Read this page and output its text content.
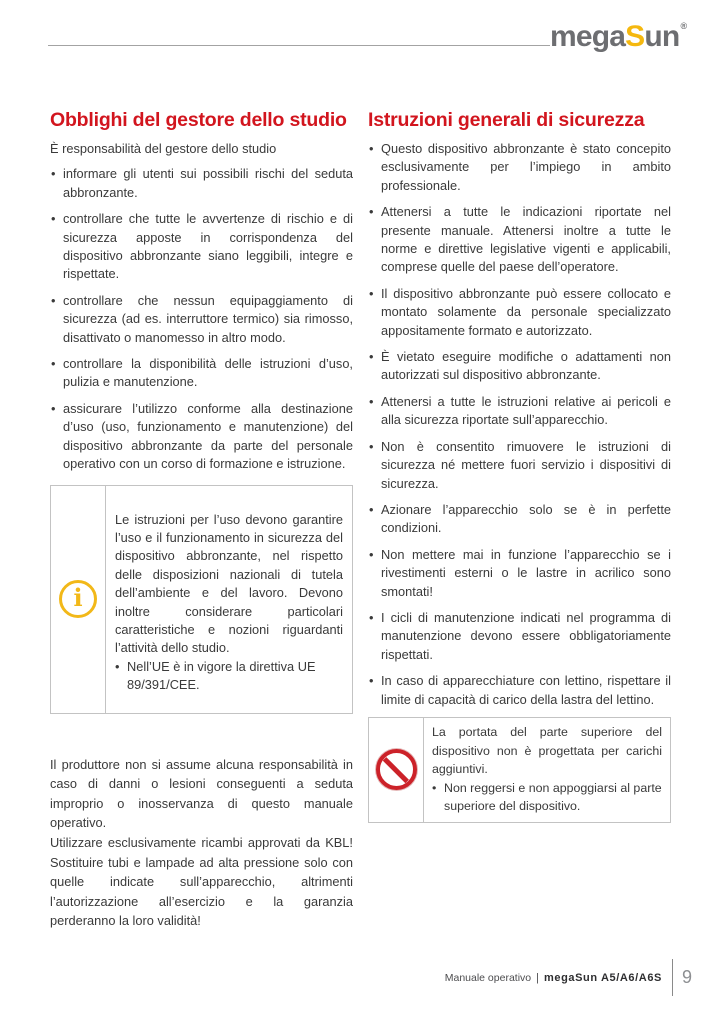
megaSun®
Obblighi del gestore dello studio

È responsabilità del gestore dello studio

• informare gli utenti sui possibili rischi del seduta abbronzante.
• controllare che tutte le avvertenze di rischio e di sicurezza apposte in corrispondenza del dispositivo abbronzante siano leggibili, integre e rispettate.
• controllare che nessun equipaggiamento di sicurezza (ad es. interruttore termico) sia rimosso, disattivato o manomesso in altro modo.
• controllare la disponibilità delle istruzioni d’uso, pulizia e manutenzione.
• assicurare l’utilizzo conforme alla destinazione d’uso (uso, funzionamento e manutenzione) del dispositivo abbronzante da parte del personale operativo con un corso di formazione e istruzione.
i

Le istruzioni per l’uso devono garantire l’uso e il funzionamento in sicurezza del dispositivo abbronzante, nel rispetto delle disposizioni nazionali di tutela dell’ambiente e del lavoro. Devono inoltre considerare particolari caratteristiche e nozioni riguardanti l’attività dello studio.

• Nell’UE è in vigore la direttiva UE 89/391/CEE.

Il produttore non si assume alcuna responsabilità in caso di danni o lesioni conseguenti a seduta improprio o inosservanza di questo manuale operativo.

Utilizzare esclusivamente ricambi approvati da KBL! Sostituire tubi e lampade ad alta pressione solo con quelle indicate sull’apparecchio, altrimenti l’autorizzazione all’esercizio e la garanzia perderanno la loro validità!

Istruzioni generali di sicurezza
• Questo dispositivo abbronzante è stato concepito esclusivamente per l’impiego in ambito professionale.
• Attenersi a tutte le indicazioni riportate nel presente manuale. Attenersi inoltre a tutte le norme e direttive legislative vigenti e applicabili, comprese quelle del paese dell’operatore.
• Il dispositivo abbronzante può essere collocato e montato solamente da personale specializzato appositamente formato e autorizzato.
• È vietato eseguire modifiche o adattamenti non autorizzati sul dispositivo abbronzante.
• Attenersi a tutte le istruzioni relative ai pericoli e alla sicurezza riportate sull’apparecchio.
• Non è consentito rimuovere le istruzioni di sicurezza né mettere fuori servizio i dispositivi di sicurezza.
• Azionare l’apparecchio solo se è in perfette condizioni.
• Non mettere mai in funzione l’apparecchio se i rivestimenti esterni o le lastre in acrilico sono smontati!
• I cicli di manutenzione indicati nel programma di manutenzione devono essere obbligatoriamente rispettati.
• In caso di apparecchiature con lettino, rispettare il limite di capacità di carico della lastra del lettino.

La portata del parte superiore del dispositivo non è progettata per carichi aggiuntivi.

• Non reggersi e non appoggiarsi al parte superiore del dispositivo.
Manuale operativo | megaSun A5/A6/A6S 9
